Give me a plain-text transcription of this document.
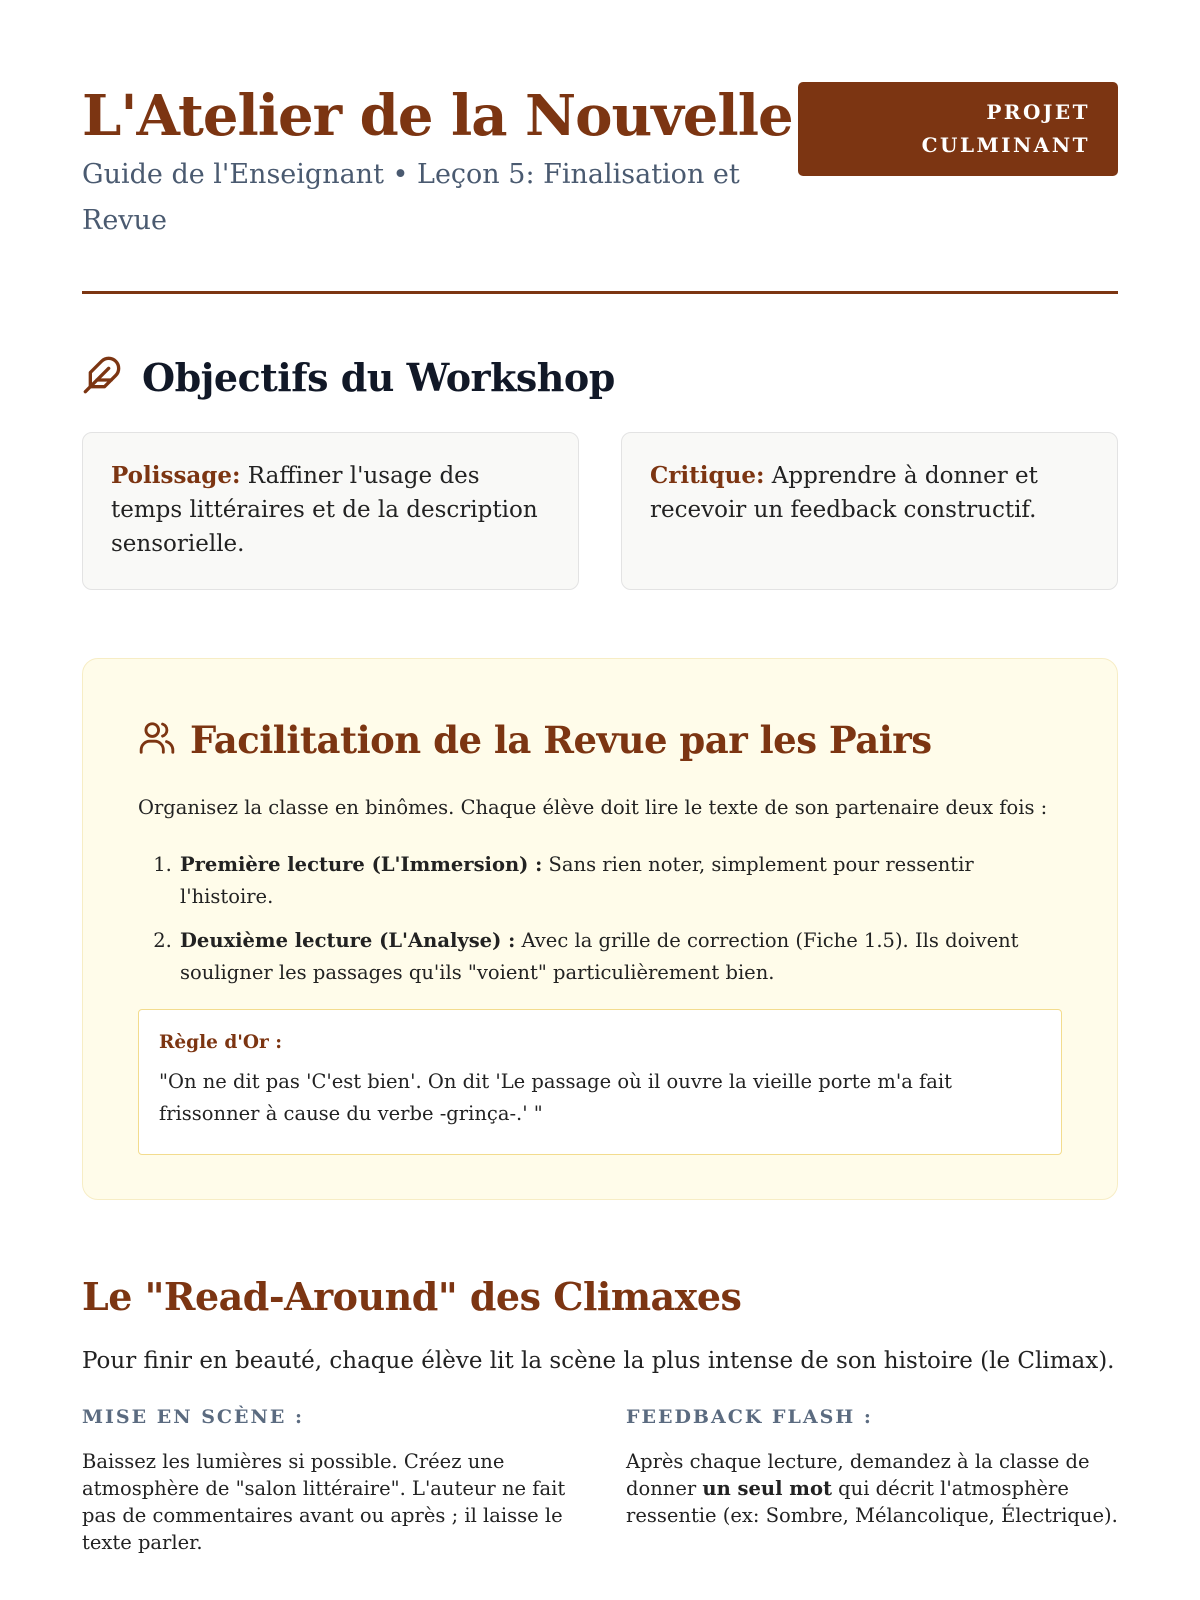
L'Atelier de la Nouvelle
Guide de l'Enseignant • Leçon 5: Finalisation et Revue
PROJET
CULMINANT
Objectifs du Workshop
Polissage: Raffiner l'usage des temps littéraires et de la description sensorielle.
Critique: Apprendre à donner et recevoir un feedback constructif.
Facilitation de la Revue par les Pairs

Organisez la classe en binômes. Chaque élève doit lire le texte de son partenaire deux fois :

1. Première lecture (L'Immersion) : Sans rien noter, simplement pour ressentir l'histoire.
2. Deuxième lecture (L'Analyse) : Avec la grille de correction (Fiche 1.5). Ils doivent souligner les passages qu'ils "voient" particulièrement bien.
Règle d'Or :
"On ne dit pas 'C'est bien'. On dit 'Le passage où il ouvre la vieille porte m'a fait frissonner à cause du verbe -grinça-.' "
Le "Read-Around" des Climaxes

Pour finir en beauté, chaque élève lit la scène la plus intense de son histoire (le Climax).

MISE EN SCÈNE :

Baissez les lumières si possible. Créez une atmosphère de "salon littéraire". L'auteur ne fait pas de commentaires avant ou après ; il laisse le texte parler.

FEEDBACK FLASH :

Après chaque lecture, demandez à la classe de donner un seul mot qui décrit l'atmosphère ressentie (ex: Sombre, Mélancolique, Électrique).
